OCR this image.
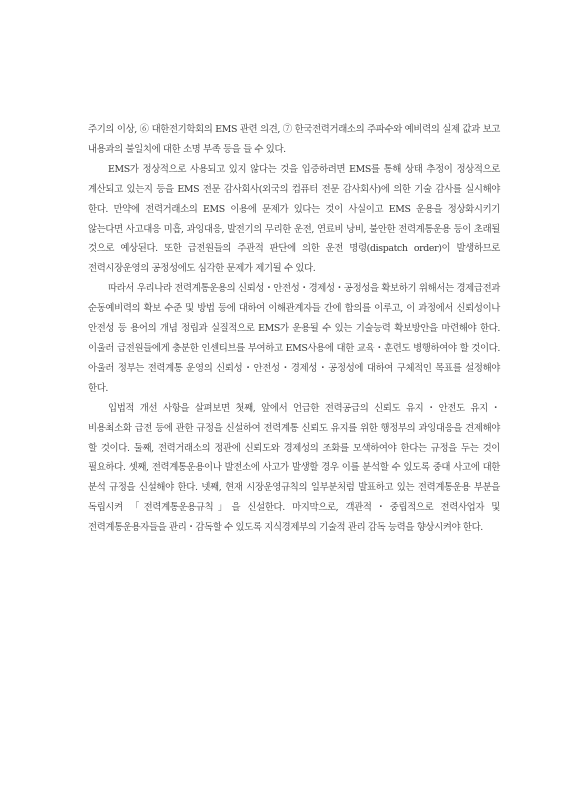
주기의 이상, ⑥ 대한전기학회의 EMS 관련 의견, ⑦ 한국전력거래소의 주파수와 예비력의 실제 값과 보고 내용과의 불일치에 대한 소명 부족 등을 들 수 있다.

EMS가 정상적으로 사용되고 있지 않다는 것을 입증하려면 EMS를 통해 상태 추정이 정상적으로 계산되고 있는지 등을 EMS 전문 감사회사(외국의 컴퓨터 전문 감사회사)에 의한 기술 감사를 실시해야 한다. 만약에 전력거래소의 EMS 이용에 문제가 있다는 것이 사실이고 EMS 운용을 정상화시키기 않는다면 사고대응 미흡, 과잉대응, 발전기의 무리한 운전, 연료비 낭비, 불안한 전력계통운용 등이 초래될 것으로 예상된다. 또한 급전원들의 주관적 판단에 의한 운전 명령(dispatch order)이 발생하므로 전력시장운영의 공정성에도 심각한 문제가 제기될 수 있다.

따라서 우리나라 전력계통운용의 신뢰성・안전성・경제성・공정성을 확보하기 위해서는 경제급전과 순동예비력의 확보 수준 및 방법 등에 대하여 이해관계자들 간에 합의를 이루고, 이 과정에서 신뢰성이나 안전성 등 용어의 개념 정립과 실질적으로 EMS가 운용될 수 있는 기술능력 확보방안을 마련해야 한다. 이울러 급전원들에게 충분한 인센티브를 부여하고 EMS사용에 대한 교육・훈련도 병행하여야 할 것이다. 아울러 정부는 전력계통 운영의 신뢰성・안전성・경제성・공정성에 대하여 구체적인 목표를 설정해야 한다.

입법적 개선 사항을 살펴보면 첫째, 앞에서 언급한 전력공급의 신뢰도 유지・안전도 유지・비용최소화 급전 등에 관한 규정을 신설하여 전력계통 신뢰도 유지를 위한 행정부의 과잉대응을 견제해야 할 것이다. 둘째, 전력거래소의 정관에 신뢰도와 경제성의 조화를 모색하여야 한다는 규정을 두는 것이 필요하다. 셋째, 전력계통운용이나 발전소에 사고가 발생할 경우 이를 분석할 수 있도록 중대 사고에 대한 분석 규정을 신설해야 한다. 넷째, 현재 시장운영규칙의 일부분처럼 발표하고 있는 전력계통운용 부분을 독립시켜 「전력계통운용규칙」을 신설한다. 마지막으로, 객관적・중립적으로 전력사업자 및 전력계통운용자들을 관리・감독할 수 있도록 지식경제부의 기술적 관리 감독 능력을 향상시켜야 한다.
